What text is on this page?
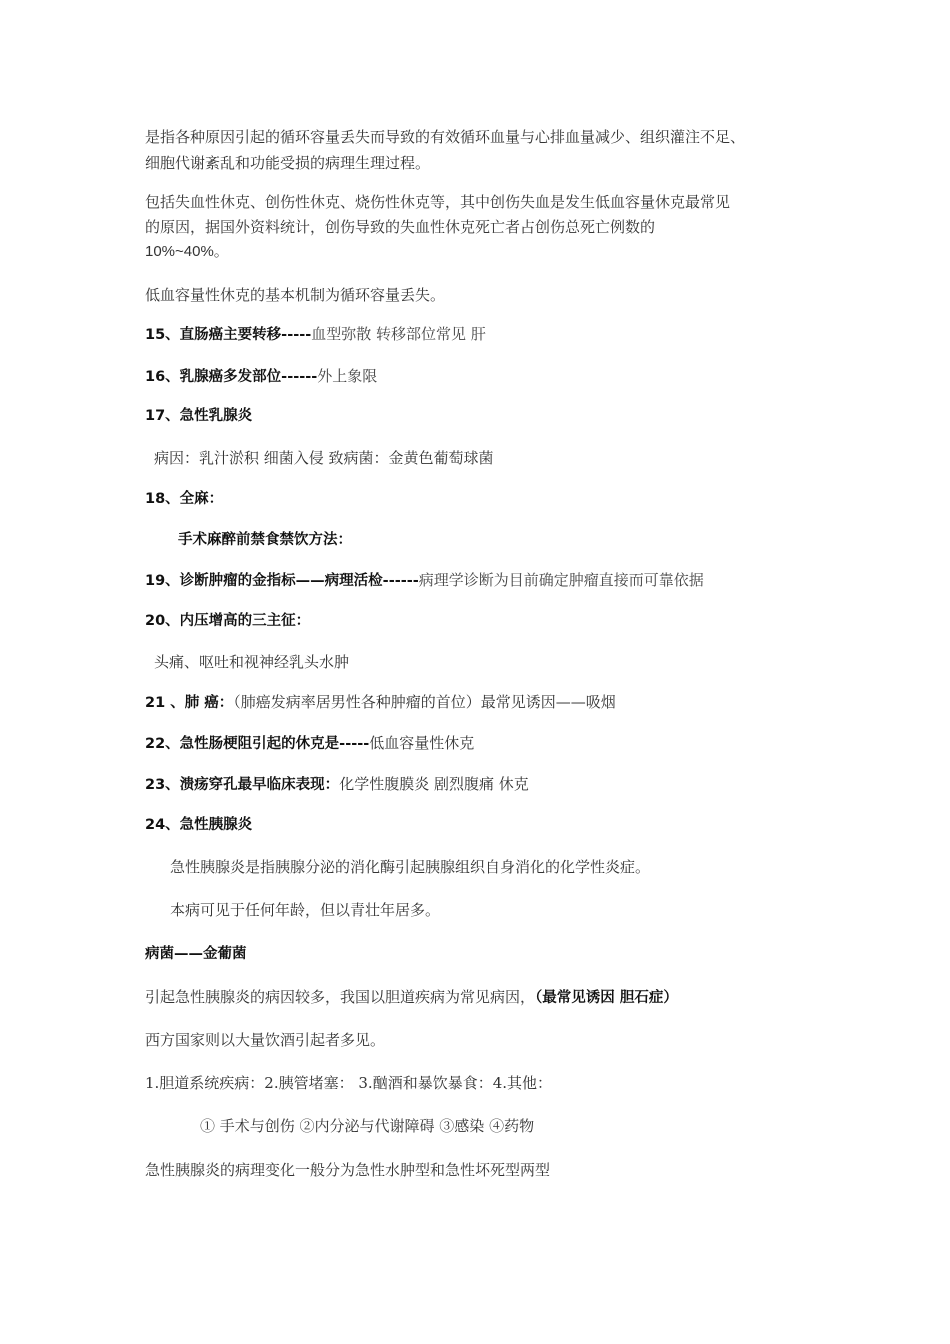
是指各种原因引起的循环容量丢失而导致的有效循环血量与心排血量减少、组织灌注不足、
细胞代谢紊乱和功能受损的病理生理过程。
包括失血性休克、创伤性休克、烧伤性休克等，其中创伤失血是发生低血容量休克最常见
的原因，据国外资料统计，创伤导致的失血性休克死亡者占创伤总死亡例数的
10%~40%。
低血容量性休克的基本机制为循环容量丢失。
15、直肠癌主要转移-----血型弥散 转移部位常见 肝
16、乳腺癌多发部位------外上象限
17、急性乳腺炎
病因：乳汁淤积 细菌入侵 致病菌：金黄色葡萄球菌
18、全麻：
手术麻醉前禁食禁饮方法：
19、诊断肿瘤的金指标——病理活检------病理学诊断为目前确定肿瘤直接而可靠依据
20、内压增高的三主征：
头痛、呕吐和视神经乳头水肿
21 、肺 癌：（肺癌发病率居男性各种肿瘤的首位）最常见诱因——吸烟
22、急性肠梗阻引起的休克是-----低血容量性休克
23、溃疡穿孔最早临床表现：化学性腹膜炎 剧烈腹痛 休克
24、急性胰腺炎
急性胰腺炎是指胰腺分泌的消化酶引起胰腺组织自身消化的化学性炎症。
本病可见于任何年龄，但以青壮年居多。
病菌——金葡菌
引起急性胰腺炎的病因较多，我国以胆道疾病为常见病因，（最常见诱因 胆石症）
西方国家则以大量饮酒引起者多见。
1.胆道系统疾病：2.胰管堵塞： 3.酗酒和暴饮暴食：4.其他：
① 手术与创伤 ②内分泌与代谢障碍 ③感染 ④药物
急性胰腺炎的病理变化一般分为急性水肿型和急性坏死型两型
